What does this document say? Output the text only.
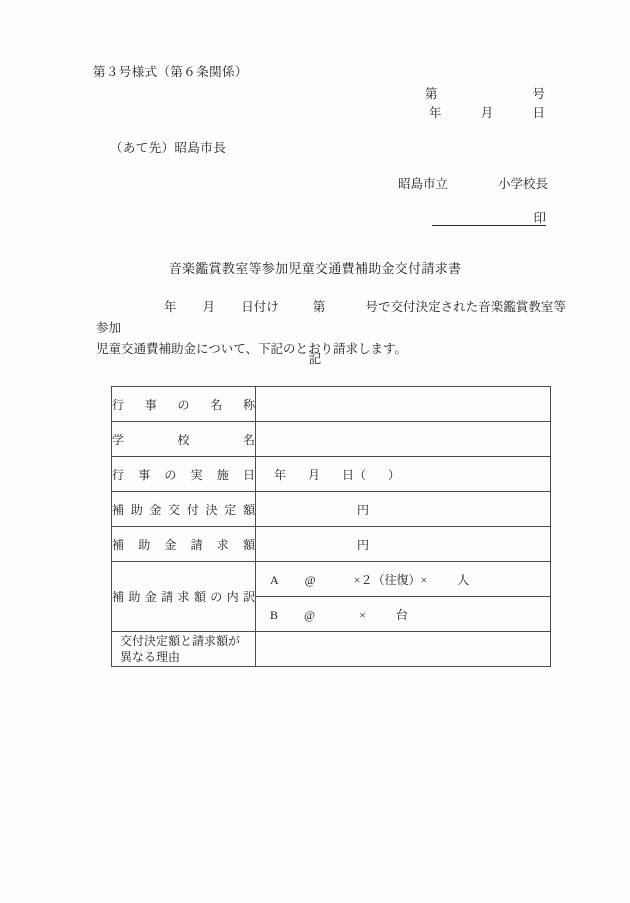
第３号様式（第６条関係）
第	号
年	月	日
（あて先）昭島市長
昭島市立	小学校長
印
音楽鑑賞教室等参加児童交通費補助金交付請求書
年 月 日付け	第	号で交付決定された音楽鑑賞教室等参加
児童交通費補助金について、下記のとおり請求します。
記
行事の名称	
学校名	
行事の実施日	年 月 日（ ）
補助金交付決定額	円

補助金請求額	円

補助金請求額の内訳	A @ ×２（往復）× 人
	B @ × 台
交付決定額と請求額が異なる理由	
